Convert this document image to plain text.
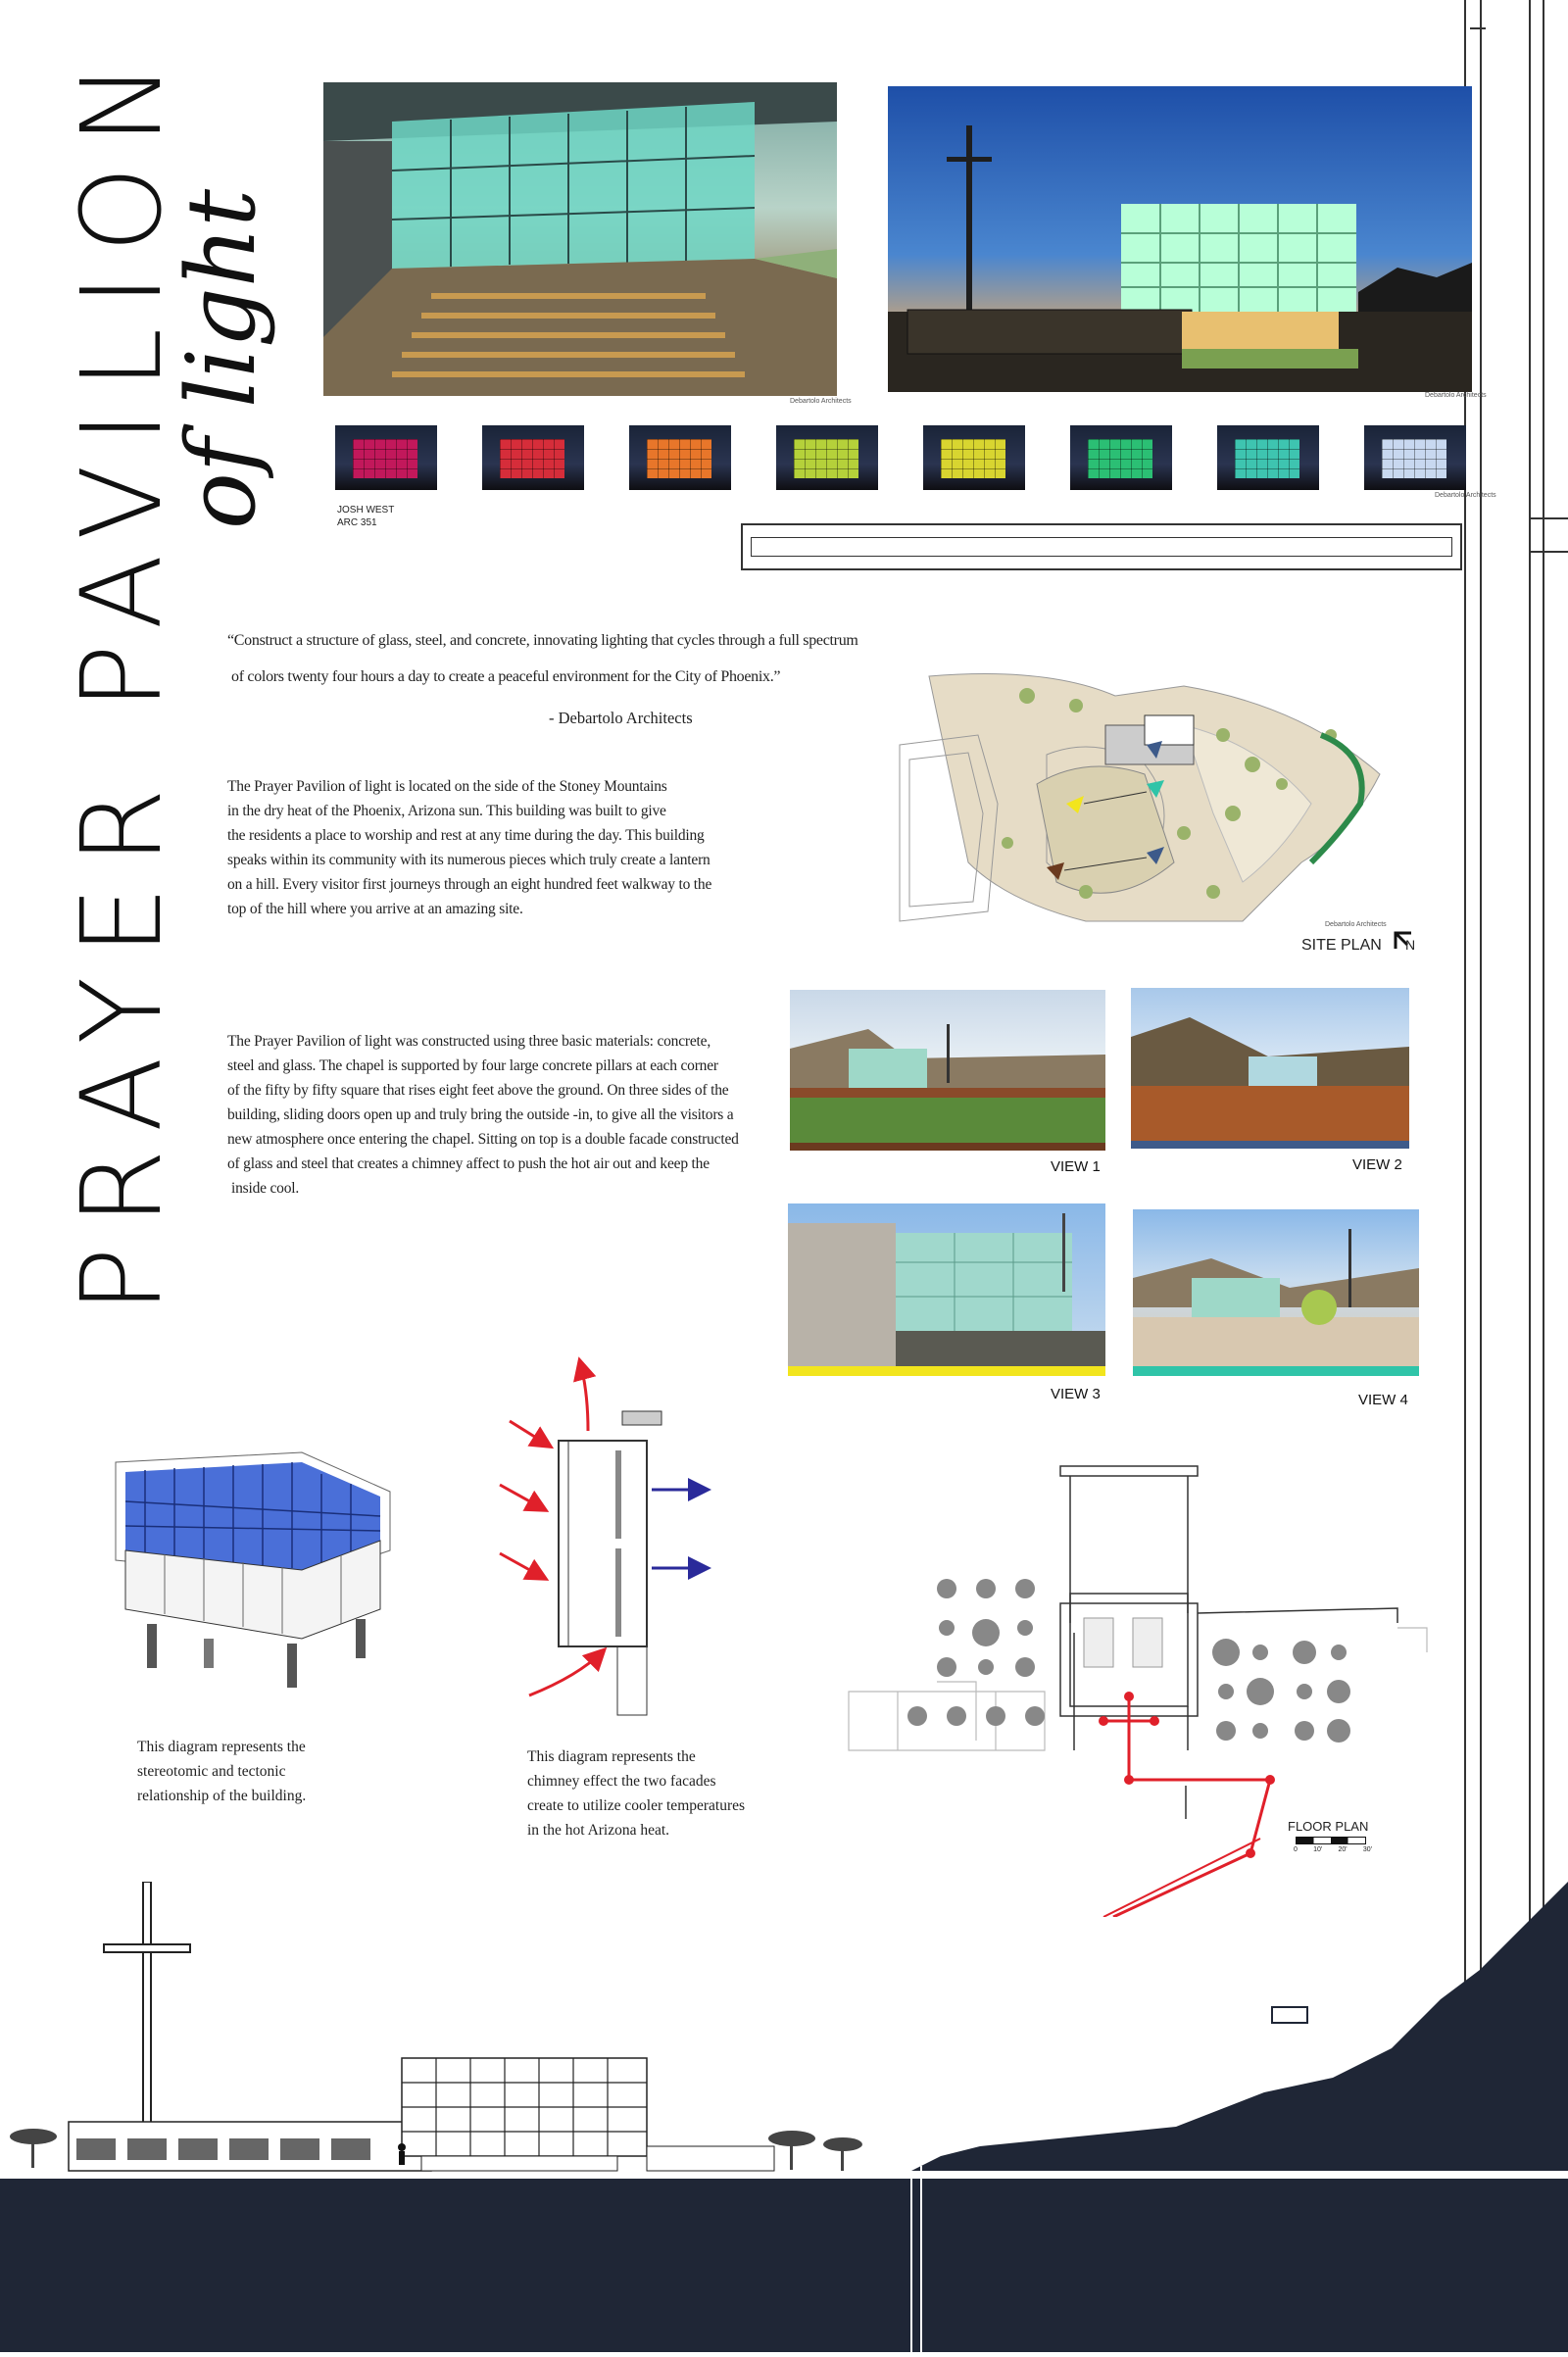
PRAYER PAVILION
of light	Debartolo Architects
Debartolo Architects
Debartolo Architects
JOSH WEST
ARC 351
“Construct a structure of glass, steel, and concrete, innovating lighting that cycles through a full spectrum
of colors twenty four hours a day to create a peaceful environment for the City of Phoenix.”
- Debartolo Architects
The Prayer Pavilion of light is located on the side of the Stoney Mountains
in the dry heat of the Phoenix, Arizona sun. This building was built to give
the residents a place to worship and rest at any time during the day. This building
speaks within its community with its numerous pieces which truly create a lantern
on a hill. Every visitor first journeys through an eight hundred feet walkway to the
top of the hill where you arrive at an amazing site.
The Prayer Pavilion of light was constructed using three basic materials: concrete,
steel and glass. The chapel is supported by four large concrete pillars at each corner
of the fifty by fifty square that rises eight feet above the ground. On three sides of the
building, sliding doors open up and truly bring the outside -in, to give all the visitors a
new atmosphere once entering the chapel. Sitting on top is a double facade constructed
of glass and steel that creates a chimney affect to push the hot air out and keep the
inside cool.
Debartolo Architects
SITE PLAN N
VIEW 1	VIEW 2
VIEW 3	VIEW 4
This diagram represents the
stereotomic and tectonic
relationship of the building.
This diagram represents the
chimney effect the two facades
create to utilize cooler temperatures
in the hot Arizona heat.	FLOOR PLAN
0 10' 20' 30'
